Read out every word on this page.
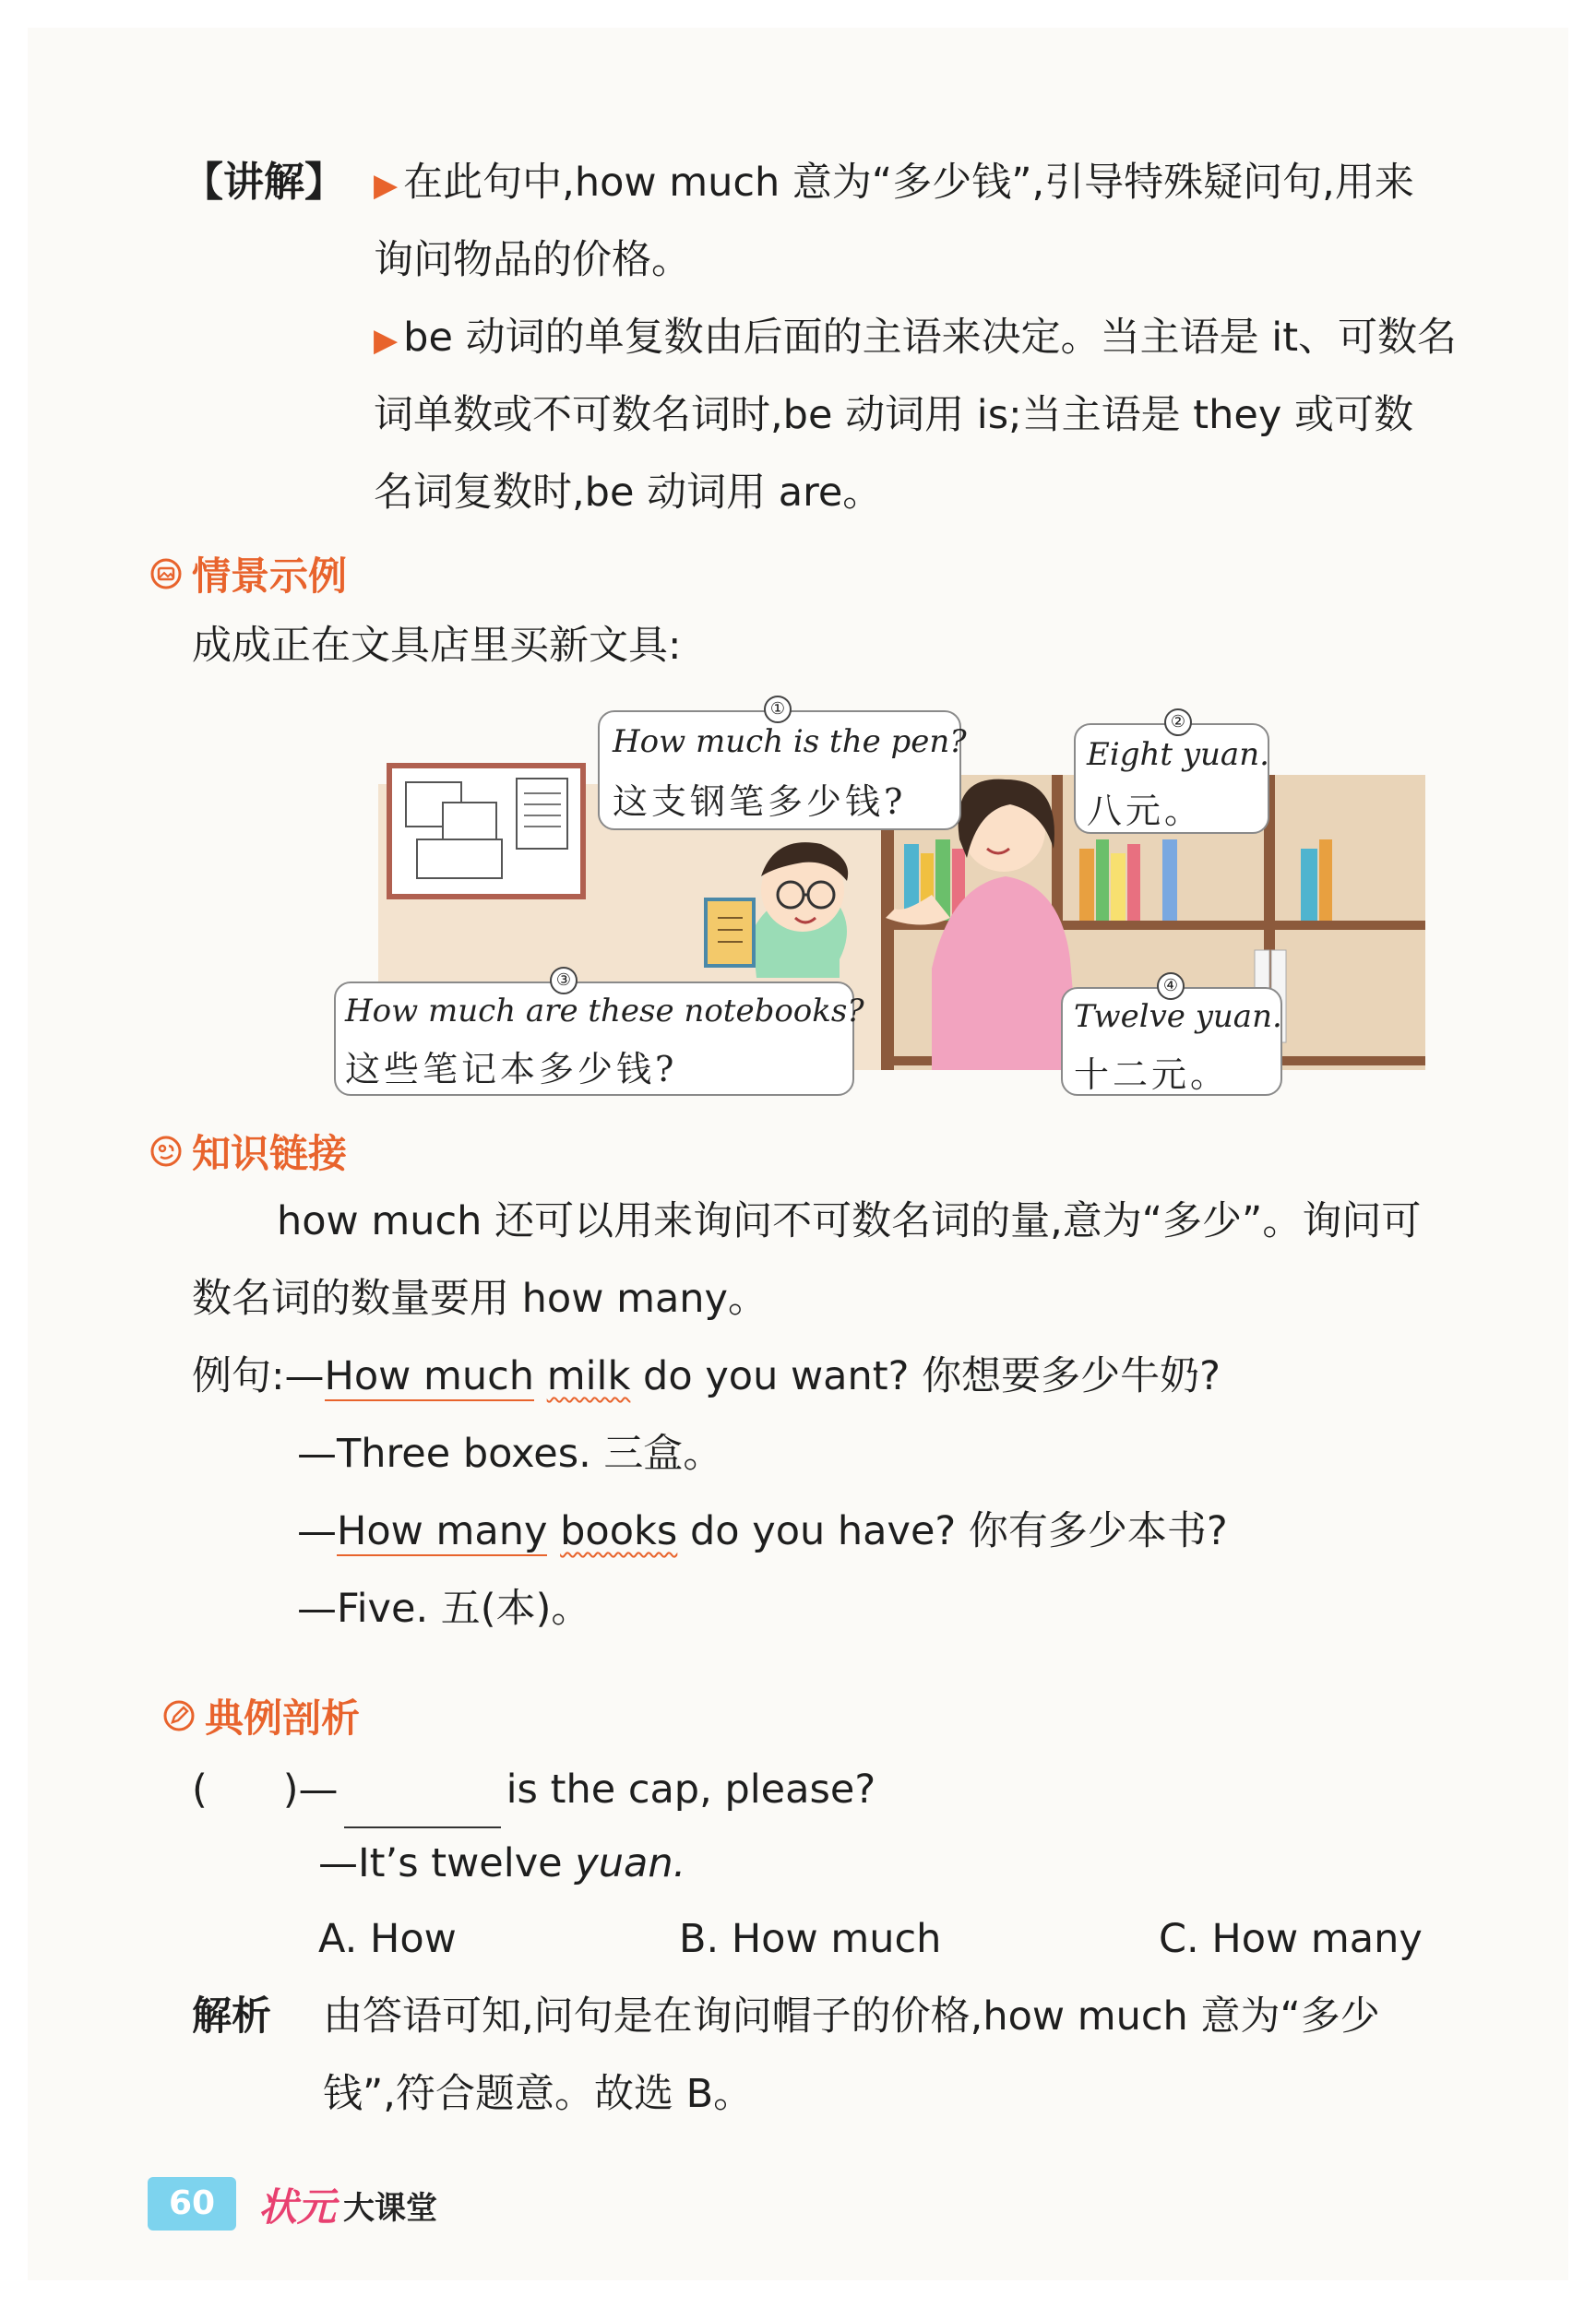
【讲解】 ▶ 在此句中,how much 意为“多少钱”,引导特殊疑问句,用来
询问物品的价格。
▶ be 动词的单复数由后面的主语来决定。当主语是 it、可数名
词单数或不可数名词时,be 动词用 is;当主语是 they 或可数
名词复数时,be 动词用 are。
情景示例
成成正在文具店里买新文具:
①
How much is the pen?
这支钢笔多少钱?
②
Eight yuan.
八元。
③
How much are these notebooks?
这些笔记本多少钱?
④
Twelve yuan.
十二元。
知识链接
how much 还可以用来询问不可数名词的量,意为“多少”。询问可
数名词的数量要用 how many。
例句:—How much milk do you want? 你想要多少牛奶?
—Three boxes. 三盒。
—How many books do you have? 你有多少本书?
—Five. 五(本)。
典例剖析
( )—	is the cap, please?
—It’s twelve yuan.
A. How	B. How much	C. How many
解析 由答语可知,问句是在询问帽子的价格,how much 意为“多少
钱”,符合题意。故选 B。
60	状元 大课堂
